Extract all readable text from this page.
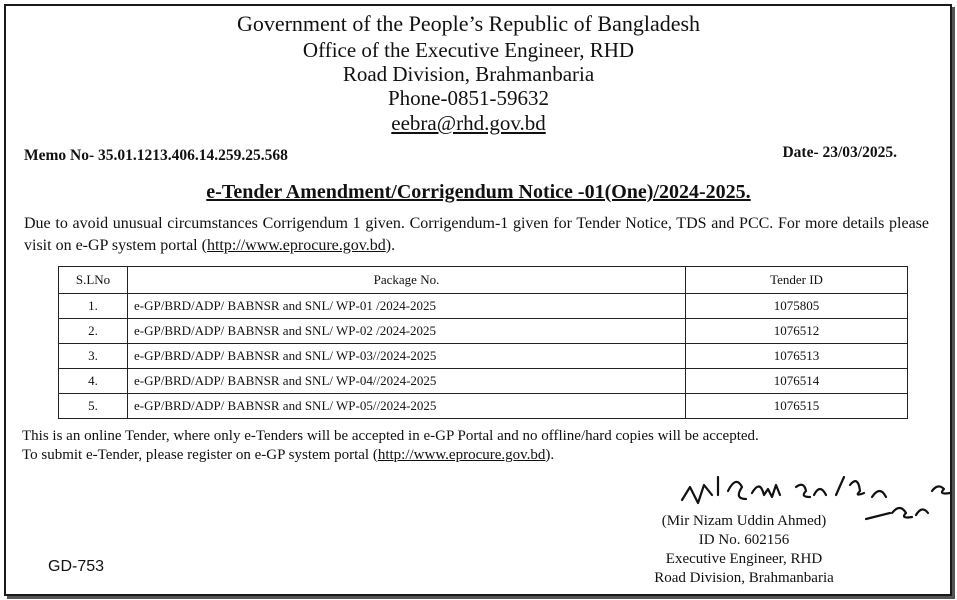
Government of the People’s Republic of Bangladesh
Office of the Executive Engineer, RHD
Road Division, Brahmanbaria
Phone-0851-59632
eebra@rhd.gov.bd
Memo No- 35.01.1213.406.14.259.25.568	Date- 23/03/2025.
e-Tender Amendment/Corrigendum Notice -01(One)/2024-2025.
Due to avoid unusual circumstances Corrigendum 1 given. Corrigendum-1 given for Tender Notice, TDS and PCC. For more details please visit on e-GP system portal (http://www.eprocure.gov.bd).
S.LNo	Package No.	Tender ID
1.	e-GP/BRD/ADP/ BABNSR and SNL/ WP-01 /2024-2025	1075805
2.	e-GP/BRD/ADP/ BABNSR and SNL/ WP-02 /2024-2025	1076512
3.	e-GP/BRD/ADP/ BABNSR and SNL/ WP-03//2024-2025	1076513
4.	e-GP/BRD/ADP/ BABNSR and SNL/ WP-04//2024-2025	1076514
5.	e-GP/BRD/ADP/ BABNSR and SNL/ WP-05//2024-2025	1076515
This is an online Tender, where only e-Tenders will be accepted in e-GP Portal and no offline/hard copies will be accepted.
To submit e-Tender, please register on e-GP system portal (http://www.eprocure.gov.bd).
(Mir Nizam Uddin Ahmed)
ID No. 602156
Executive Engineer, RHD
Road Division, Brahmanbaria
GD-753
